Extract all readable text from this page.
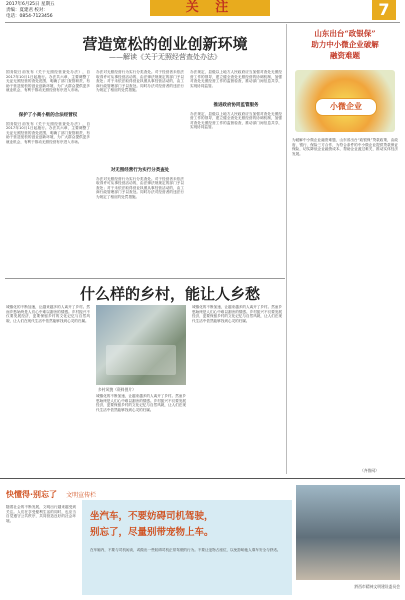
2017年6月25日 星期五
责编：夏建君 校对：
电话：0854-7123456
关 注	7
营造宽松的创业创新环境
——解读《关于无照经营查处办法》
国务院日前发布《关于无照经营查处办法》，自2017年10月1日起施行。办法共六章，主要调整了无证无照经营的查处范围，明确了部门查管职责，有助于营造宽松的创业创新环境，为广大群众提供更多就业机会，有利于推动无照经营有序进入市场。
保护了小商小贩的合法经营权
国务院日前发布《关于无照经营查处办法》，自2017年10月1日起施行。办法共六章，主要调整了无证无照经营的查处范围，明确了部门查管职责，有助于营造宽松的创业创新环境，为广大群众提供更多就业机会，有利于推动无照经营有序进入市场。
办法对无照经营行为实行分类查处。对于经营者未依法取得许可从事经营活动的，由法律法规规定的部门予以查处；对于未依法取得营业执照从事经营活动的，由工商行政管理部门予以查处。同时办法对经营者的违法行为规定了相应的处罚措施。
对无照经营行为实行分类查处
办法对无照经营行为实行分类查处。对于经营者未依法取得许可从事经营活动的，由法律法规规定的部门予以查处；对于未依法取得营业执照从事经营活动的，由工商行政管理部门予以查处。同时办法对经营者的违法行为规定了相应的处罚措施。
办法规定，县级以上地方人民政府应当加强对查处无照经营工作的领导，建立健全查处无照经营的协调机制，加强对查处无照经营工作的监督检查，推动部门间信息共享，实现协同监管。
推进政府协同监管服务
办法规定，县级以上地方人民政府应当加强对查处无照经营工作的领导，建立健全查处无照经营的协调机制，加强对查处无照经营工作的监督检查，推动部门间信息共享，实现协同监管。
山东出台“政银保”
助力中小微企业破解
融资难题
小微企业
为破解中小微企业融资难题，山东省出台“政银保”贷款政策，由政府、银行、保险三方合作，为符合条件的中小微企业提供贷款保证保险，切实降低企业融资成本，帮助企业渡过难关，推动实体经济发展。
（齐鲁网）
什么样的乡村，能让人乡愁
城镇化的不断加速，让越来越多的人离开了乡村。然而乡愁始终是人们心中难以割舍的情感。乡村振兴不仅要发展经济，更要保留乡村的文化记忆与自然风貌，让人们在现代生活中依然能够找到心灵的归属。
乡村风貌（资料图片）
城镇化的不断加速，让越来越多的人离开了乡村。然而乡愁始终是人们心中难以割舍的情感。乡村振兴不仅要发展经济，更要保留乡村的文化记忆与自然风貌，让人们在现代生活中依然能够找到心灵的归属。
城镇化的不断加速，让越来越多的人离开了乡村。然而乡愁始终是人们心中难以割舍的情感。乡村振兴不仅要发展经济，更要保留乡村的文化记忆与自然风貌，让人们在现代生活中依然能够找到心灵的归属。
快懂得·别忘了 文明宣传栏
随着社会的不断发展，文明出行越来越受到关注。人们在享受便利生活的同时，也应当自觉遵守公共秩序，共同营造良好的社会环境。	坐汽车，不要妨碍司机驾驶，
别忘了，尽量别带宠物上车。
在车厢内，不要与司机闲谈，或做出一些妨碍司机正常驾驶的行为。不要让宠物占座位，以免影响他人乘车安全与舒适。
黔西市精神文明建设委员会
